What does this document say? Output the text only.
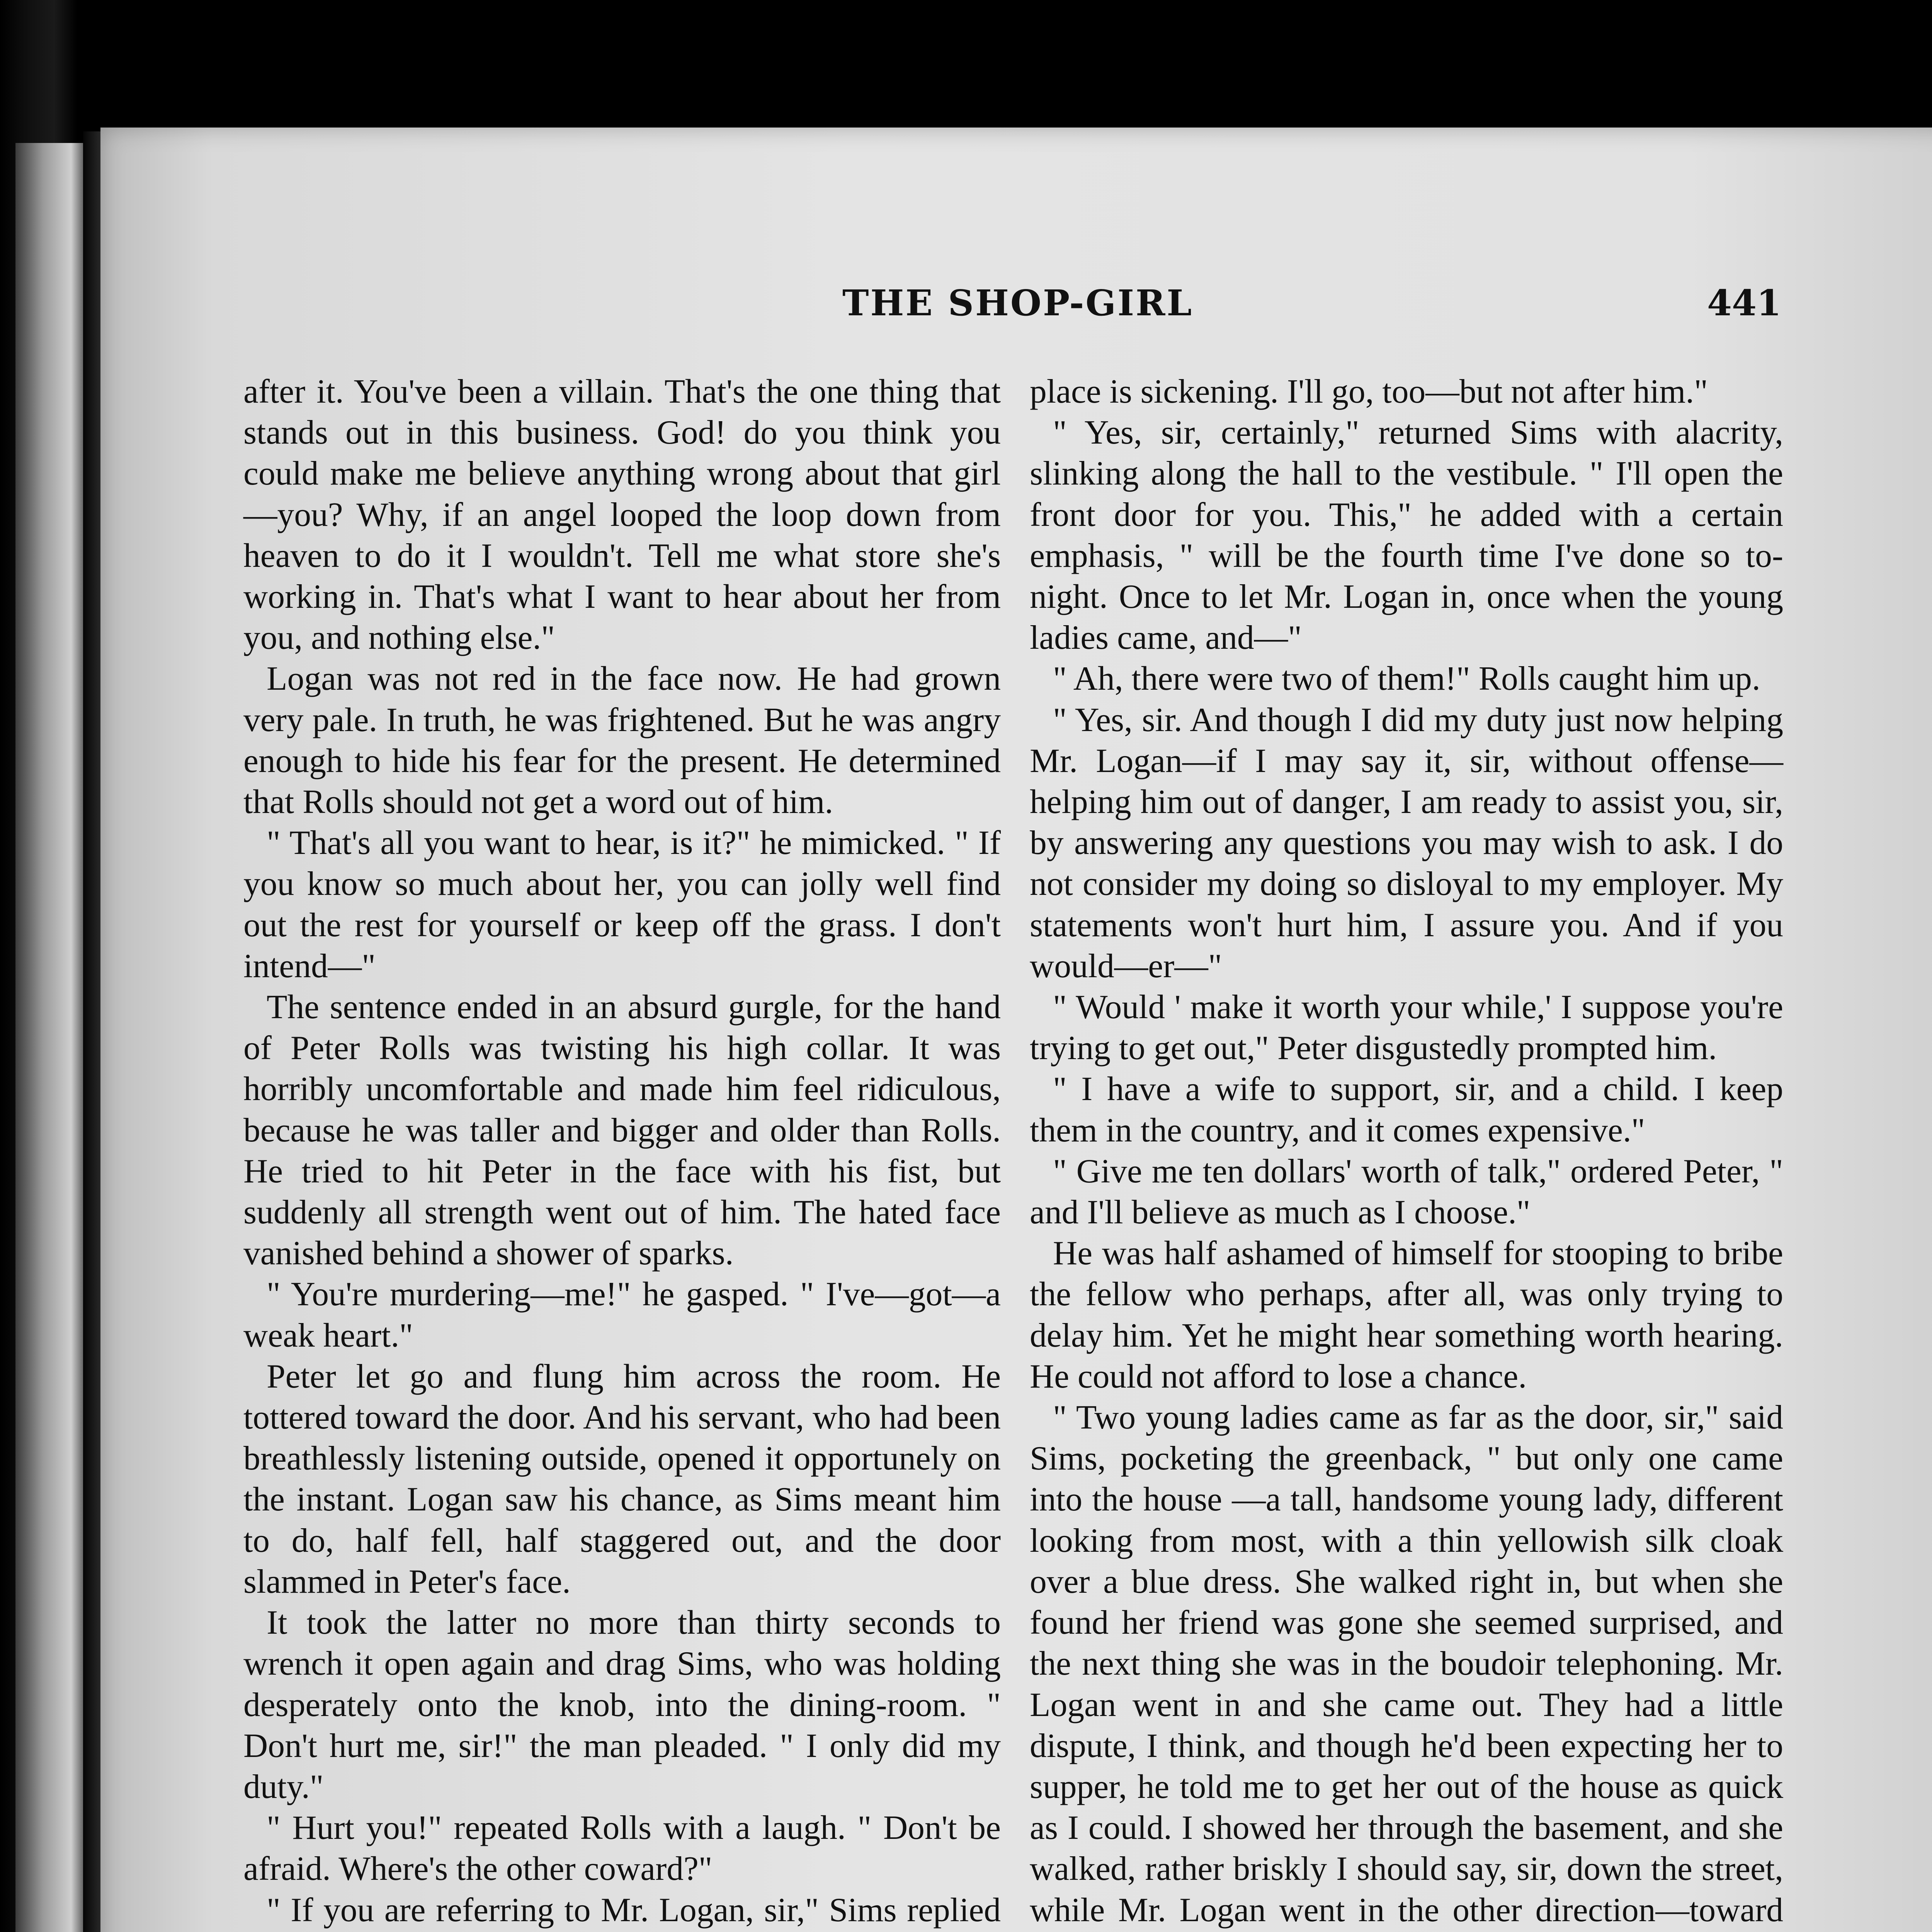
THE SHOP-GIRL	441

after it. You've been a villain. That's the one thing that stands out in this business. God! do you think you could make me believe anything wrong about that girl —you? Why, if an angel looped the loop down from heaven to do it I wouldn't. Tell me what store she's working in. That's what I want to hear about her from you, and nothing else."

Logan was not red in the face now. He had grown very pale. In truth, he was frightened. But he was angry enough to hide his fear for the present. He determined that Rolls should not get a word out of him.

" That's all you want to hear, is it?" he mimicked. " If you know so much about her, you can jolly well find out the rest for yourself or keep off the grass. I don't intend—"

The sentence ended in an absurd gurgle, for the hand of Peter Rolls was twisting his high collar. It was horribly uncomfortable and made him feel ridiculous, because he was taller and bigger and older than Rolls. He tried to hit Peter in the face with his fist, but suddenly all strength went out of him. The hated face vanished behind a shower of sparks.

" You're murdering—me!" he gasped. " I've—got—a weak heart."

Peter let go and flung him across the room. He tottered toward the door. And his servant, who had been breathlessly listening outside, opened it opportunely on the instant. Logan saw his chance, as Sims meant him to do, half fell, half staggered out, and the door slammed in Peter's face.

It took the latter no more than thirty seconds to wrench it open again and drag Sims, who was holding desperately onto the knob, into the dining-room. " Don't hurt me, sir!" the man pleaded. " I only did my duty."

" Hurt you!" repeated Rolls with a laugh. " Don't be afraid. Where's the other coward?"

" If you are referring to Mr. Logan, sir," Sims replied

place is sickening. I'll go, too—but not after him."

" Yes, sir, certainly," returned Sims with alacrity, slinking along the hall to the vestibule. " I'll open the front door for you. This," he added with a certain emphasis, " will be the fourth time I've done so to-night. Once to let Mr. Logan in, once when the young ladies came, and—"

" Ah, there were two of them!" Rolls caught him up.

" Yes, sir. And though I did my duty just now helping Mr. Logan—if I may say it, sir, without offense—helping him out of danger, I am ready to assist you, sir, by answering any questions you may wish to ask. I do not consider my doing so disloyal to my employer. My statements won't hurt him, I assure you. And if you would—er—"

" Would ' make it worth your while,' I suppose you're trying to get out," Peter disgustedly prompted him.

" I have a wife to support, sir, and a child. I keep them in the country, and it comes expensive."

" Give me ten dollars' worth of talk," ordered Peter, " and I'll believe as much as I choose."

He was half ashamed of himself for stooping to bribe the fellow who perhaps, after all, was only trying to delay him. Yet he might hear something worth hearing. He could not afford to lose a chance.

" Two young ladies came as far as the door, sir," said Sims, pocketing the greenback, " but only one came into the house —a tall, handsome young lady, different looking from most, with a thin yellowish silk cloak over a blue dress. She walked right in, but when she found her friend was gone she seemed surprised, and the next thing she was in the boudoir telephoning. Mr. Logan went in and she came out. They had a little dispute, I think, and though he'd been expecting her to supper, he told me to get her out of the house as quick as I could. I showed her through the basement, and she walked, rather briskly I should say, sir, down the street, while Mr. Logan went in the other direction—toward
